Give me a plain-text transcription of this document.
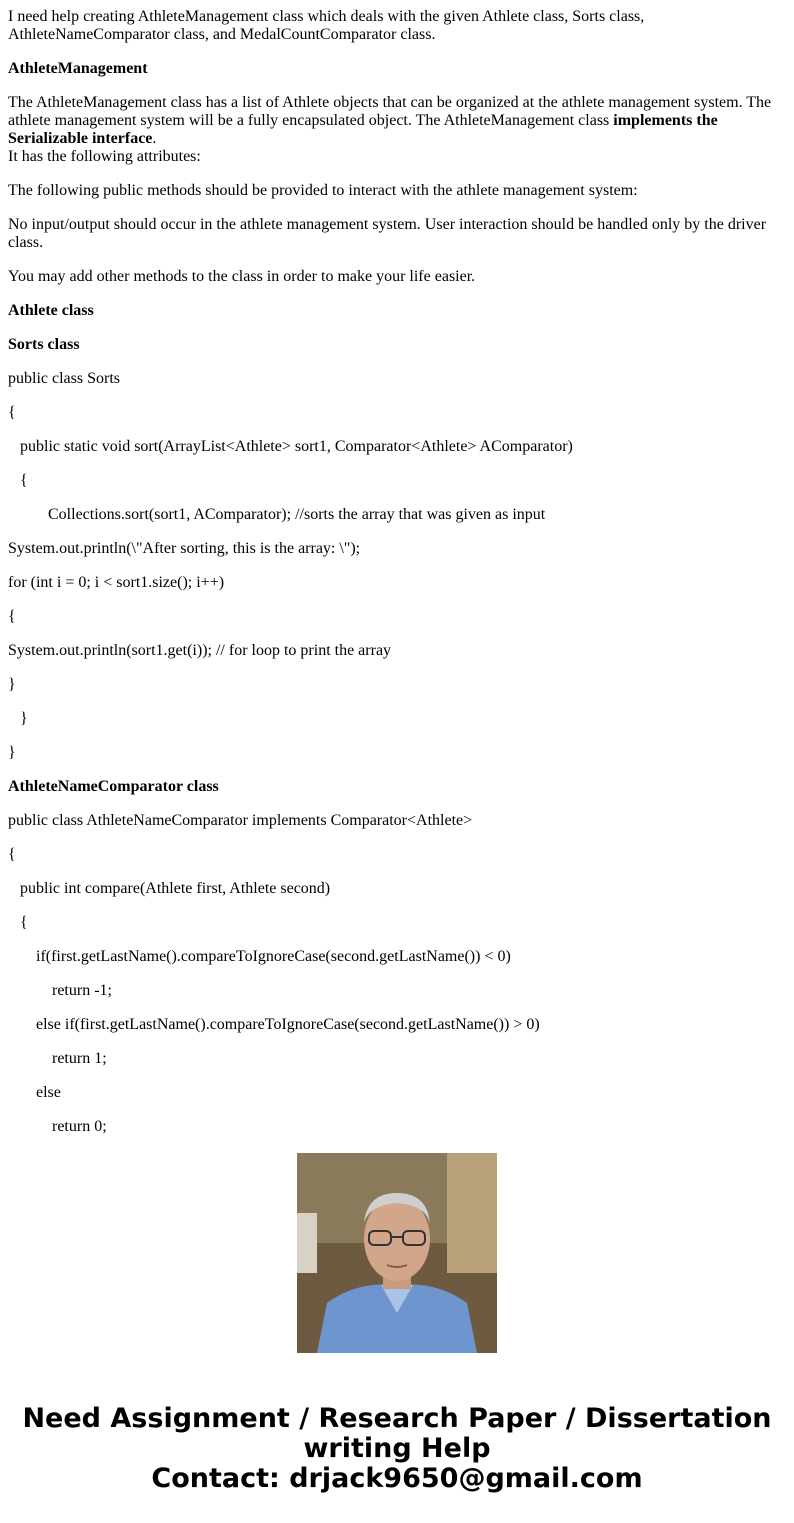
I need help creating AthleteManagement class which deals with the given Athlete class, Sorts class, AthleteNameComparator class, and MedalCountComparator class.

AthleteManagement

The AthleteManagement class has a list of Athlete objects that can be organized at the athlete management system. The athlete management system will be a fully encapsulated object. The AthleteManagement class implements the Serializable interface.
It has the following attributes:

The following public methods should be provided to interact with the athlete management system:

No input/output should occur in the athlete management system. User interaction should be handled only by the driver class.

You may add other methods to the class in order to make your life easier.

Athlete class

Sorts class

public class Sorts

{

public static void sort(ArrayList<Athlete> sort1, Comparator<Athlete> AComparator)

{

Collections.sort(sort1, AComparator); //sorts the array that was given as input

System.out.println(\"After sorting, this is the array: \");

for (int i = 0; i < sort1.size(); i++)

{

System.out.println(sort1.get(i)); // for loop to print the array

}

}

}

AthleteNameComparator class

public class AthleteNameComparator implements Comparator<Athlete>

{

public int compare(Athlete first, Athlete second)

{

if(first.getLastName().compareToIgnoreCase(second.getLastName()) < 0)

return -1;

else if(first.getLastName().compareToIgnoreCase(second.getLastName()) > 0)

return 1;

else

return 0;

Need Assignment / Research Paper / Dissertation
writing Help
Contact: drjack9650@gmail.com
